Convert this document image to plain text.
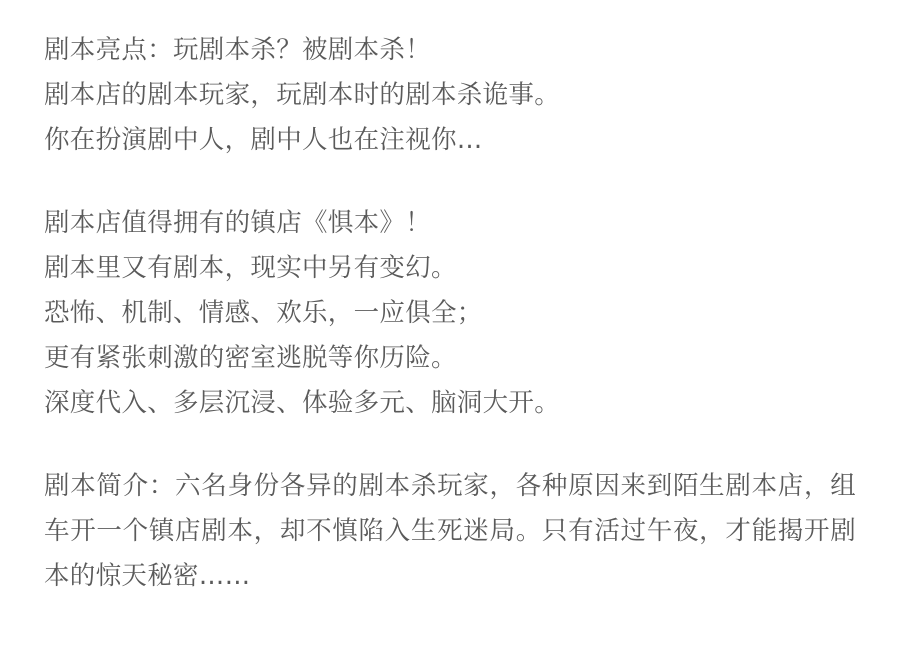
剧本亮点：玩剧本杀？被剧本杀！
剧本店的剧本玩家，玩剧本时的剧本杀诡事。
你在扮演剧中人，剧中人也在注视你…
剧本店值得拥有的镇店《惧本》！
剧本里又有剧本，现实中另有变幻。
恐怖、机制、情感、欢乐，一应俱全；
更有紧张刺激的密室逃脱等你历险。
深度代入、多层沉浸、体验多元、脑洞大开。
剧本简介：六名身份各异的剧本杀玩家，各种原因来到陌生剧本店，组车开一个镇店剧本，却不慎陷入生死迷局。只有活过午夜，才能揭开剧本的惊天秘密……
